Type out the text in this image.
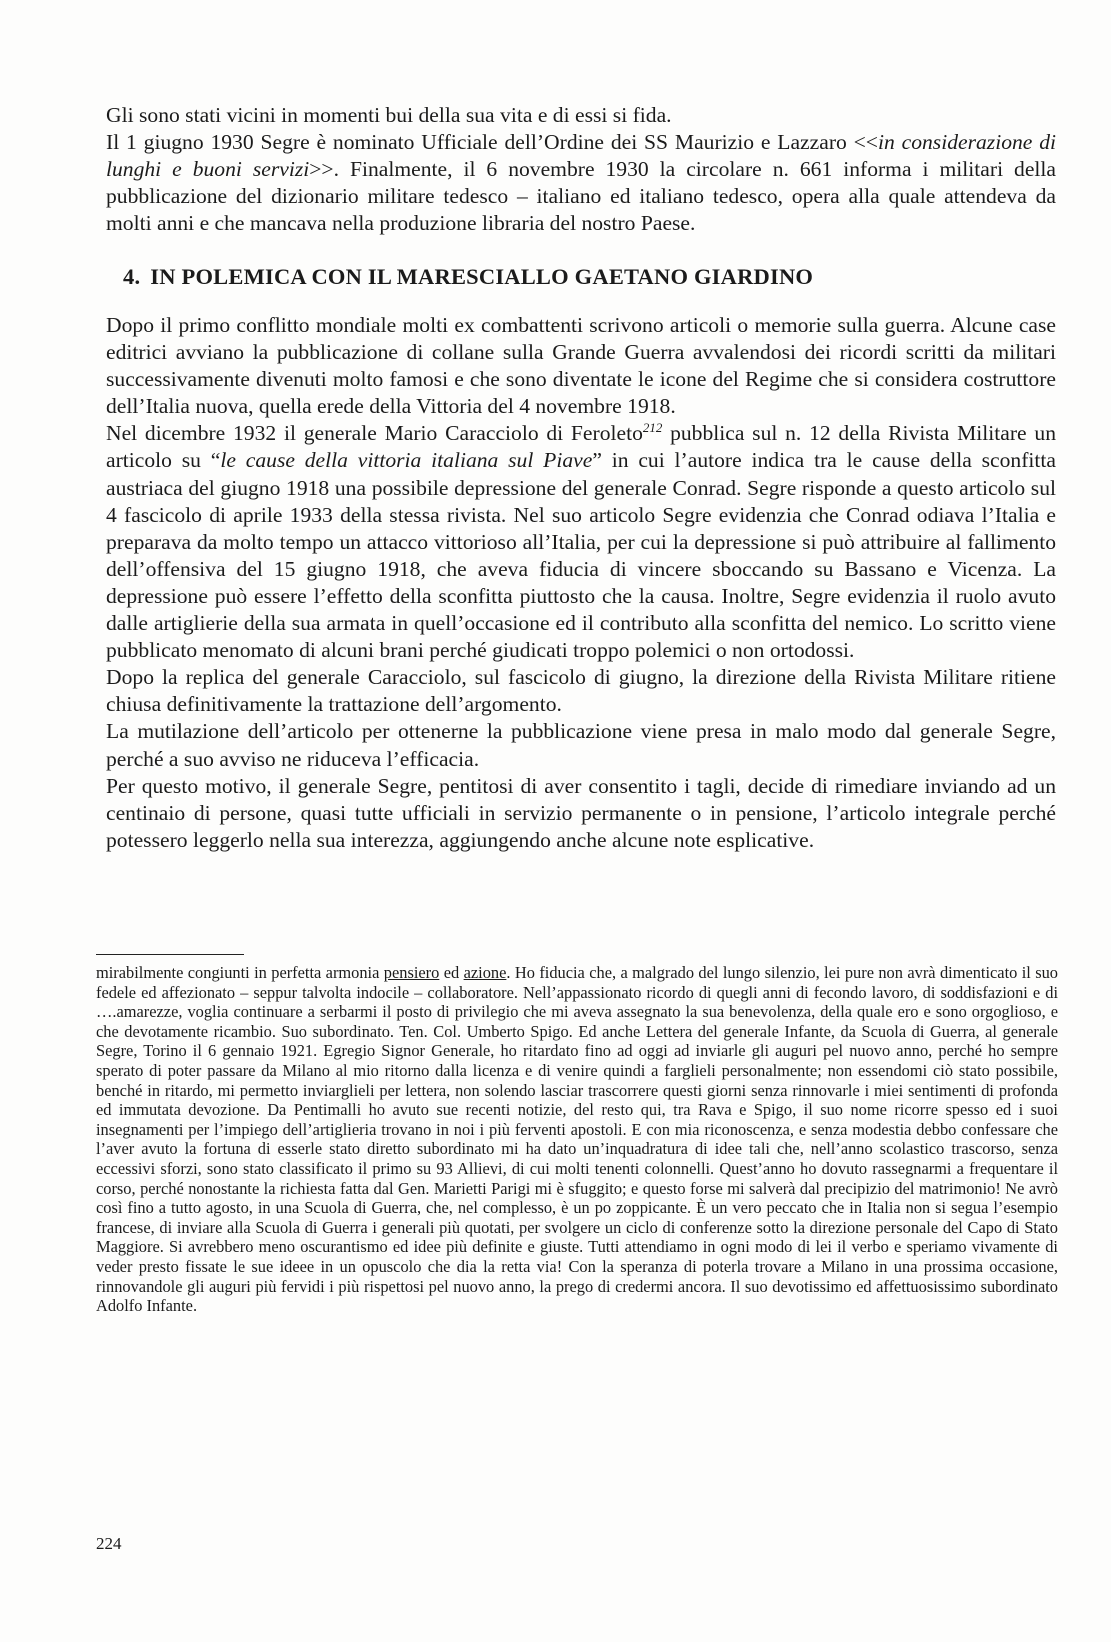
Gli sono stati vicini in momenti bui della sua vita e di essi si fida.

Il 1 giugno 1930 Segre è nominato Ufficiale dell’Ordine dei SS Maurizio e Lazzaro <<in considerazione di lunghi e buoni servizi>>. Finalmente, il 6 novembre 1930 la circolare n. 661 informa i militari della pubblicazione del dizionario militare tedesco – italiano ed italiano tedesco, opera alla quale attendeva da molti anni e che mancava nella produzione libraria del nostro Paese.

4. IN POLEMICA CON IL MARESCIALLO GAETANO GIARDINO

Dopo il primo conflitto mondiale molti ex combattenti scrivono articoli o memorie sulla guerra. Alcune case editrici avviano la pubblicazione di collane sulla Grande Guerra avvalendosi dei ricordi scritti da militari successivamente divenuti molto famosi e che sono diventate le icone del Regime che si considera costruttore dell’Italia nuova, quella erede della Vittoria del 4 novembre 1918.

Nel dicembre 1932 il generale Mario Caracciolo di Feroleto$^{212}$ pubblica sul n. 12 della Rivista Militare un articolo su “le cause della vittoria italiana sul Piave” in cui l’autore indica tra le cause della sconfitta austriaca del giugno 1918 una possibile depressione del generale Conrad. Segre risponde a questo articolo sul 4 fascicolo di aprile 1933 della stessa rivista. Nel suo articolo Segre evidenzia che Conrad odiava l’Italia e preparava da molto tempo un attacco vittorioso all’Italia, per cui la depressione si può attribuire al fallimento dell’offensiva del 15 giugno 1918, che aveva fiducia di vincere sboccando su Bassano e Vicenza. La depressione può essere l’effetto della sconfitta piuttosto che la causa. Inoltre, Segre evidenzia il ruolo avuto dalle artiglierie della sua armata in quell’occasione ed il contributo alla sconfitta del nemico. Lo scritto viene pubblicato menomato di alcuni brani perché giudicati troppo polemici o non ortodossi.

Dopo la replica del generale Caracciolo, sul fascicolo di giugno, la direzione della Rivista Militare ritiene chiusa definitivamente la trattazione dell’argomento.

La mutilazione dell’articolo per ottenerne la pubblicazione viene presa in malo modo dal generale Segre, perché a suo avviso ne riduceva l’efficacia.

Per questo motivo, il generale Segre, pentitosi di aver consentito i tagli, decide di rimediare inviando ad un centinaio di persone, quasi tutte ufficiali in servizio permanente o in pensione, l’articolo integrale perché potessero leggerlo nella sua interezza, aggiungendo anche alcune note esplicative.

mirabilmente congiunti in perfetta armonia pensiero ed azione. Ho fiducia che, a malgrado del lungo silenzio, lei pure non avrà dimenticato il suo fedele ed affezionato – seppur talvolta indocile – collaboratore. Nell’appassionato ricordo di quegli anni di fecondo lavoro, di soddisfazioni e di ….amarezze, voglia continuare a serbarmi il posto di privilegio che mi aveva assegnato la sua benevolenza, della quale ero e sono orgoglioso, e che devotamente ricambio. Suo subordinato. Ten. Col. Umberto Spigo. Ed anche Lettera del generale Infante, da Scuola di Guerra, al generale Segre, Torino il 6 gennaio 1921. Egregio Signor Generale, ho ritardato fino ad oggi ad inviarle gli auguri pel nuovo anno, perché ho sempre sperato di poter passare da Milano al mio ritorno dalla licenza e di venire quindi a farglieli personalmente; non essendomi ciò stato possibile, benché in ritardo, mi permetto inviarglieli per lettera, non solendo lasciar trascorrere questi giorni senza rinnovarle i miei sentimenti di profonda ed immutata devozione. Da Pentimalli ho avuto sue recenti notizie, del resto qui, tra Rava e Spigo, il suo nome ricorre spesso ed i suoi insegnamenti per l’impiego dell’artiglieria trovano in noi i più ferventi apostoli. E con mia riconoscenza, e senza modestia debbo confessare che l’aver avuto la fortuna di esserle stato diretto subordinato mi ha dato un’inquadratura di idee tali che, nell’anno scolastico trascorso, senza eccessivi sforzi, sono stato classificato il primo su 93 Allievi, di cui molti tenenti colonnelli. Quest’anno ho dovuto rassegnarmi a frequentare il corso, perché nonostante la richiesta fatta dal Gen. Marietti Parigi mi è sfuggito; e questo forse mi salverà dal precipizio del matrimonio! Ne avrò così fino a tutto agosto, in una Scuola di Guerra, che, nel complesso, è un po zoppicante. È un vero peccato che in Italia non si segua l’esempio francese, di inviare alla Scuola di Guerra i generali più quotati, per svolgere un ciclo di conferenze sotto la direzione personale del Capo di Stato Maggiore. Si avrebbero meno oscurantismo ed idee più definite e giuste. Tutti attendiamo in ogni modo di lei il verbo e speriamo vivamente di veder presto fissate le sue ideee in un opuscolo che dia la retta via! Con la speranza di poterla trovare a Milano in una prossima occasione, rinnovandole gli auguri più fervidi i più rispettosi pel nuovo anno, la prego di credermi ancora. Il suo devotissimo ed affettuosissimo subordinato Adolfo Infante.

224
